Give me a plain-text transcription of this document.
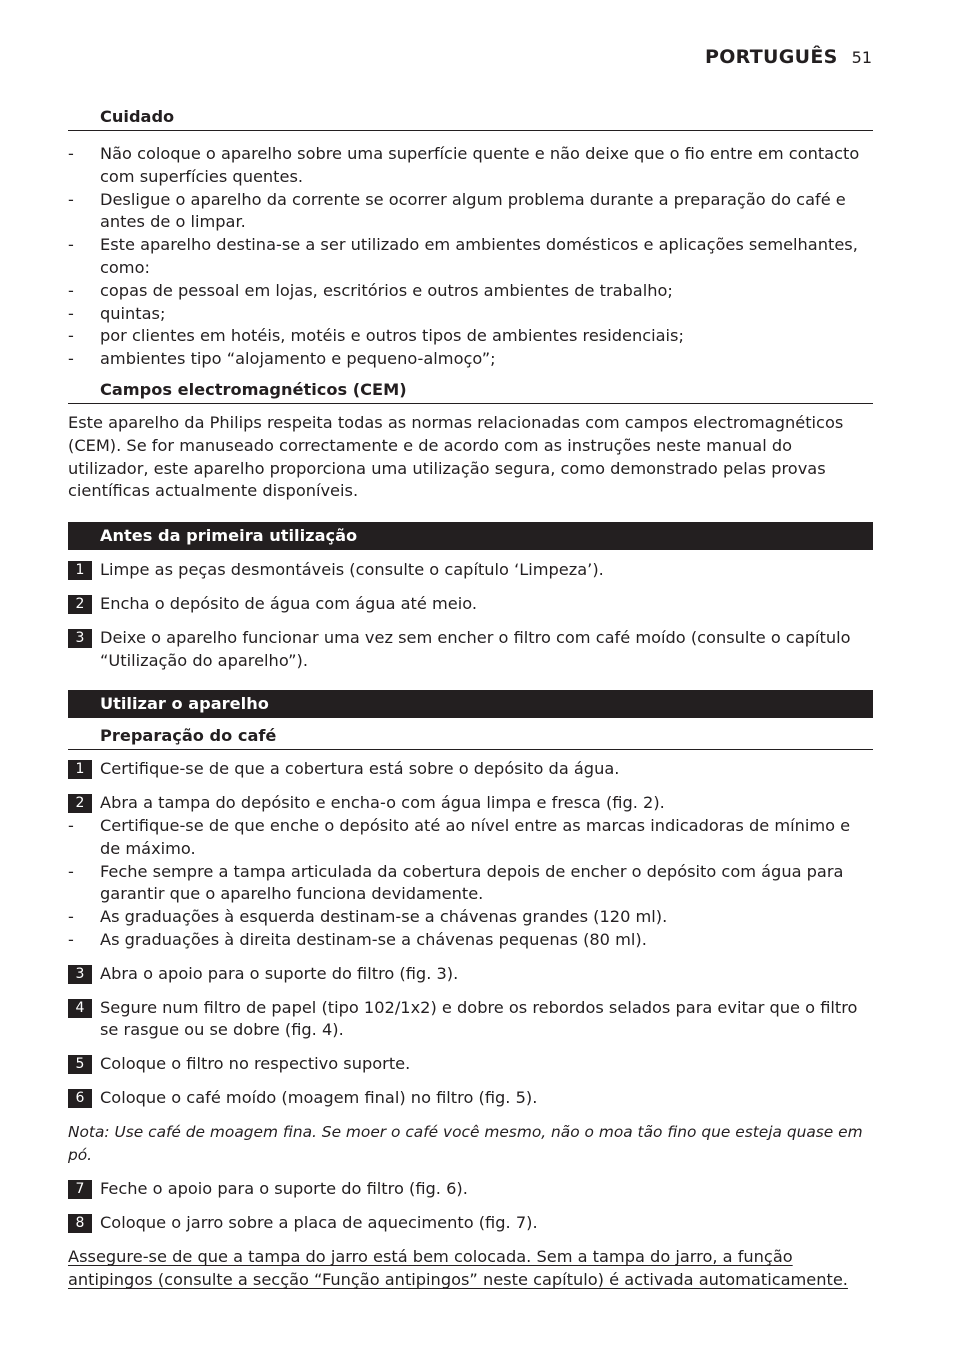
PORTUGUÊS 51
Cuidado
- Não coloque o aparelho sobre uma superfície quente e não deixe que o fio entre em contacto com superfícies quentes.
- Desligue o aparelho da corrente se ocorrer algum problema durante a preparação do café e antes de o limpar.
- Este aparelho destina-se a ser utilizado em ambientes domésticos e aplicações semelhantes, como:
- copas de pessoal em lojas, escritórios e outros ambientes de trabalho;
- quintas;
- por clientes em hotéis, motéis e outros tipos de ambientes residenciais;
- ambientes tipo “alojamento e pequeno-almoço”;
Campos electromagnéticos (CEM)

Este aparelho da Philips respeita todas as normas relacionadas com campos electromagnéticos (CEM). Se for manuseado correctamente e de acordo com as instruções neste manual do utilizador, este aparelho proporciona uma utilização segura, como demonstrado pelas provas científicas actualmente disponíveis.

Antes da primeira utilização
1 Limpe as peças desmontáveis (consulte o capítulo ‘Limpeza’).
2 Encha o depósito de água com água até meio.
3 Deixe o aparelho funcionar uma vez sem encher o filtro com café moído (consulte o capítulo “Utilização do aparelho”).
Utilizar o aparelho
Preparação do café
1 Certifique-se de que a cobertura está sobre o depósito da água.
2 Abra a tampa do depósito e encha-o com água limpa e fresca (fig. 2).
- Certifique-se de que enche o depósito até ao nível entre as marcas indicadoras de mínimo e de máximo.
- Feche sempre a tampa articulada da cobertura depois de encher o depósito com água para garantir que o aparelho funciona devidamente.
- As graduações à esquerda destinam-se a chávenas grandes (120 ml).
- As graduações à direita destinam-se a chávenas pequenas (80 ml).
3 Abra o apoio para o suporte do filtro (fig. 3).
4 Segure num filtro de papel (tipo 102/1x2) e dobre os rebordos selados para evitar que o filtro se rasgue ou se dobre (fig. 4).
5 Coloque o filtro no respectivo suporte.
6 Coloque o café moído (moagem final) no filtro (fig. 5).
Nota: Use café de moagem fina. Se moer o café você mesmo, não o moa tão fino que esteja quase em pó.
7 Feche o apoio para o suporte do filtro (fig. 6).
8 Coloque o jarro sobre a placa de aquecimento (fig. 7).
Assegure-se de que a tampa do jarro está bem colocada. Sem a tampa do jarro, a função antipingos (consulte a secção “Função antipingos” neste capítulo) é activada automaticamente.
